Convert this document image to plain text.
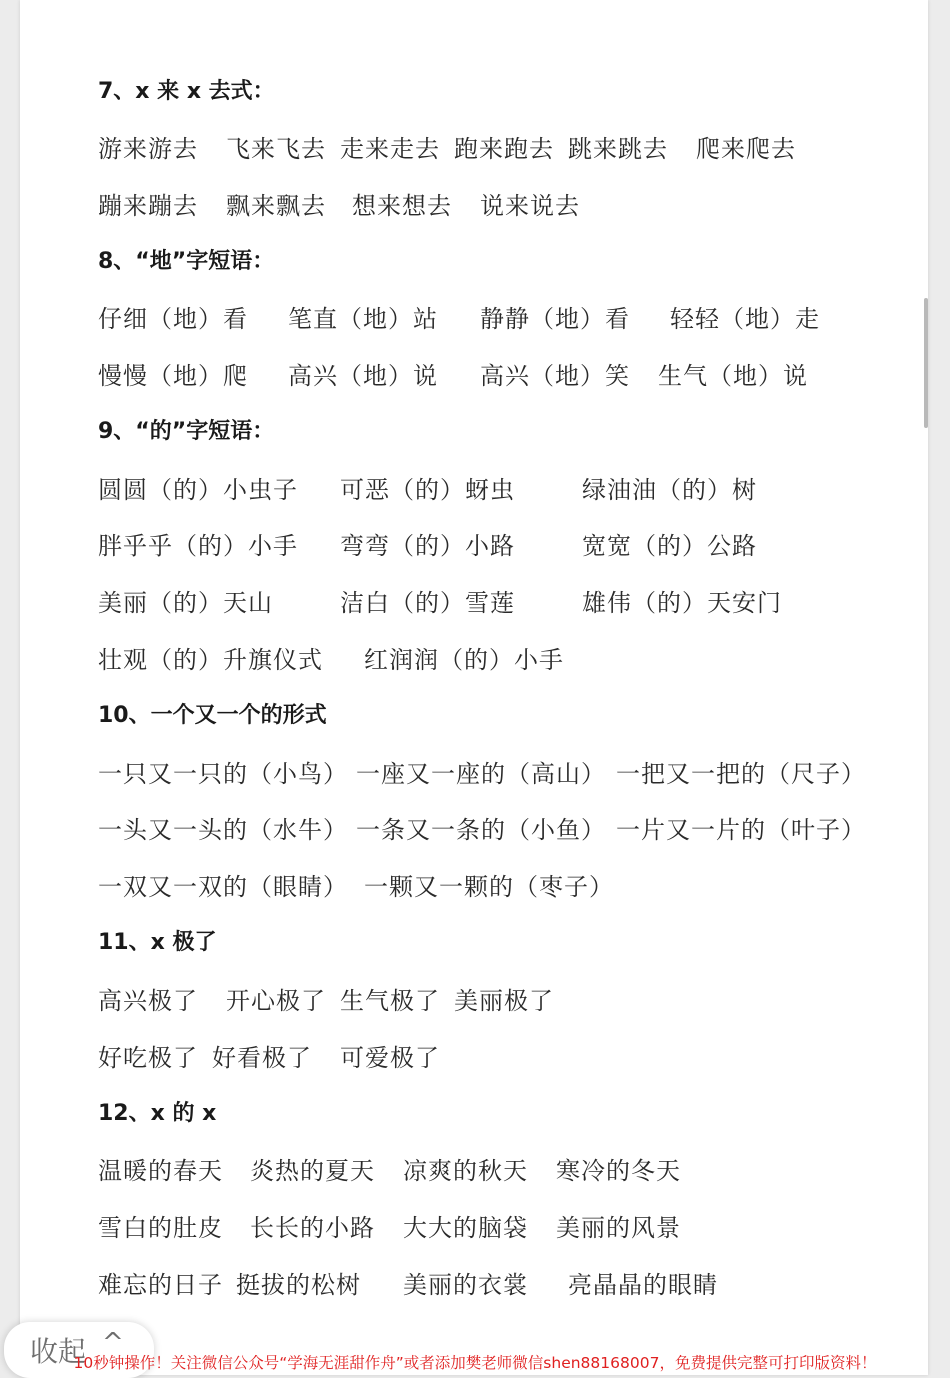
7、x 来 x 去式：
游来游去 飞来飞去 走来走去 跑来跑去 跳来跳去 爬来爬去
蹦来蹦去 飘来飘去 想来想去 说来说去
8、“地”字短语：
仔细（地）看 笔直（地）站 静静（地）看 轻轻（地）走
慢慢（地）爬 高兴（地）说 高兴（地）笑 生气（地）说
9、“的”字短语：
圆圆（的）小虫子 可恶（的）蚜虫	绿油油（的）树
胖乎乎（的）小手 弯弯（的）小路	宽宽（的）公路
美丽（的）天山	洁白（的）雪莲	雄伟（的）天安门
壮观（的）升旗仪式 红润润（的）小手
10、一个又一个的形式
一只又一只的（小鸟） 一座又一座的（高山） 一把又一把的（尺子）
一头又一头的（水牛） 一条又一条的（小鱼） 一片又一片的（叶子）
一双又一双的（眼睛） 一颗又一颗的（枣子）
11、x 极了
高兴极了 开心极了 生气极了 美丽极了
好吃极了 好看极了 可爱极了
12、x 的 x
温暖的春天 炎热的夏天 凉爽的秋天 寒冷的冬天
雪白的肚皮 长长的小路 大大的脑袋 美丽的风景
难忘的日子 挺拔的松树 美丽的衣裳 亮晶晶的眼睛
收起 ^
10秒钟操作！关注微信公众号“学海无涯甜作舟”或者添加樊老师微信shen88168007，免费提供完整可打印版资料！
